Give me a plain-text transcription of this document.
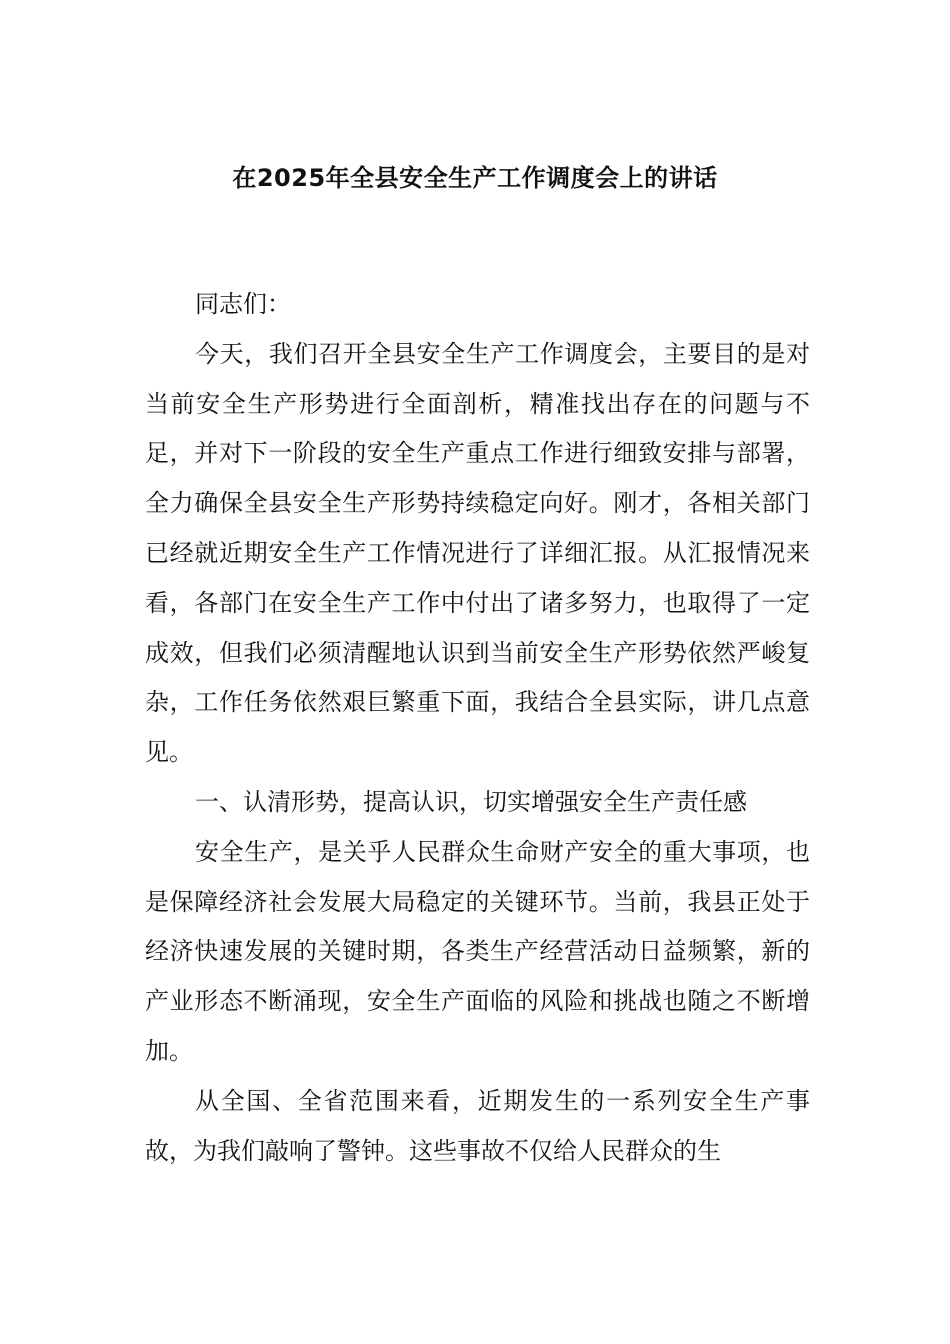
在2025年全县安全生产工作调度会上的讲话

同志们：

今天，我们召开全县安全生产工作调度会，主要目的是对当前安全生产形势进行全面剖析，精准找出存在的问题与不足，并对下一阶段的安全生产重点工作进行细致安排与部署，全力确保全县安全生产形势持续稳定向好。刚才，各相关部门已经就近期安全生产工作情况进行了详细汇报。从汇报情况来看，各部门在安全生产工作中付出了诸多努力，也取得了一定成效，但我们必须清醒地认识到当前安全生产形势依然严峻复杂，工作任务依然艰巨繁重下面，我结合全县实际，讲几点意见。

一、认清形势，提高认识，切实增强安全生产责任感

安全生产，是关乎人民群众生命财产安全的重大事项，也是保障经济社会发展大局稳定的关键环节。当前，我县正处于经济快速发展的关键时期，各类生产经营活动日益频繁，新的产业形态不断涌现，安全生产面临的风险和挑战也随之不断增加。

从全国、全省范围来看，近期发生的一系列安全生产事故，为我们敲响了警钟。这些事故不仅给人民群众的生
